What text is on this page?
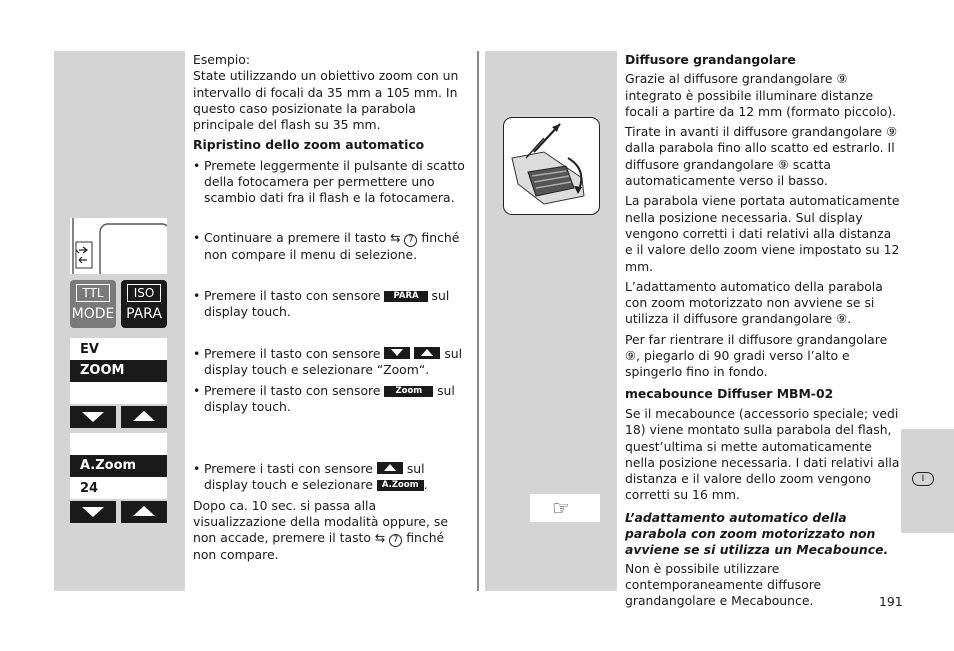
TTL
MODE
ISO
PARA
EV
ZOOM
A.Zoom
24

Esempio:

State utilizzando un obiettivo zoom con un intervallo di focali da 35 mm a 105 mm. In questo caso posizionate la parabola principale del flash su 35 mm.

Ripristino dello zoom automatico

• Premete leggermente il pulsante di scatto della fotocamera per permettere uno scambio dati fra il flash e la fotocamera.
• Continuare a premere il tasto ⇆ 7 finché non compare il menu di selezione.
• Premere il tasto con sensore PARA sul display touch.
• Premere il tasto con sensore	sul display touch e selezionare “Zoom“.
• Premere il tasto con sensore Zoom sul display touch.
• Premere i tasti con sensore	sul display touch e selezionare A.Zoom .

Dopo ca. 10 sec. si passa alla visualizzazione della modalità oppure, se non accade, premere il tasto ⇆ 7 finché non compare.

☞

Diffusore grandangolare

Grazie al diffusore grandangolare ⑨ integrato è possibile illuminare distanze focali a partire da 12 mm (formato piccolo).

Tirate in avanti il diffusore grandangolare ⑨ dalla parabola fino allo scatto ed estrarlo. Il diffusore grandangolare ⑨ scatta automaticamente verso il basso.

La parabola viene portata automaticamente nella posizione necessaria. Sul display vengono corretti i dati relativi alla distanza e il valore dello zoom viene impostato su 12 mm.

L’adattamento automatico della parabola con zoom motorizzato non avviene se si utilizza il diffusore grandangolare ⑨.

Per far rientrare il diffusore grandangolare ⑨, piegarlo di 90 gradi verso l’alto e spingerlo fino in fondo.

mecabounce Diffuser MBM-02

Se il mecabounce (accessorio speciale; vedi 18) viene montato sulla parabola del flash, quest’ultima si mette automaticamente nella posizione necessaria. I dati relativi alla distanza e il valore dello zoom vengono corretti su 16 mm.

L’adattamento automatico della parabola con zoom motorizzato non avviene se si utilizza un Mecabounce.

Non è possibile utilizzare contemporaneamente diffusore grandangolare e Mecabounce.

I
191
